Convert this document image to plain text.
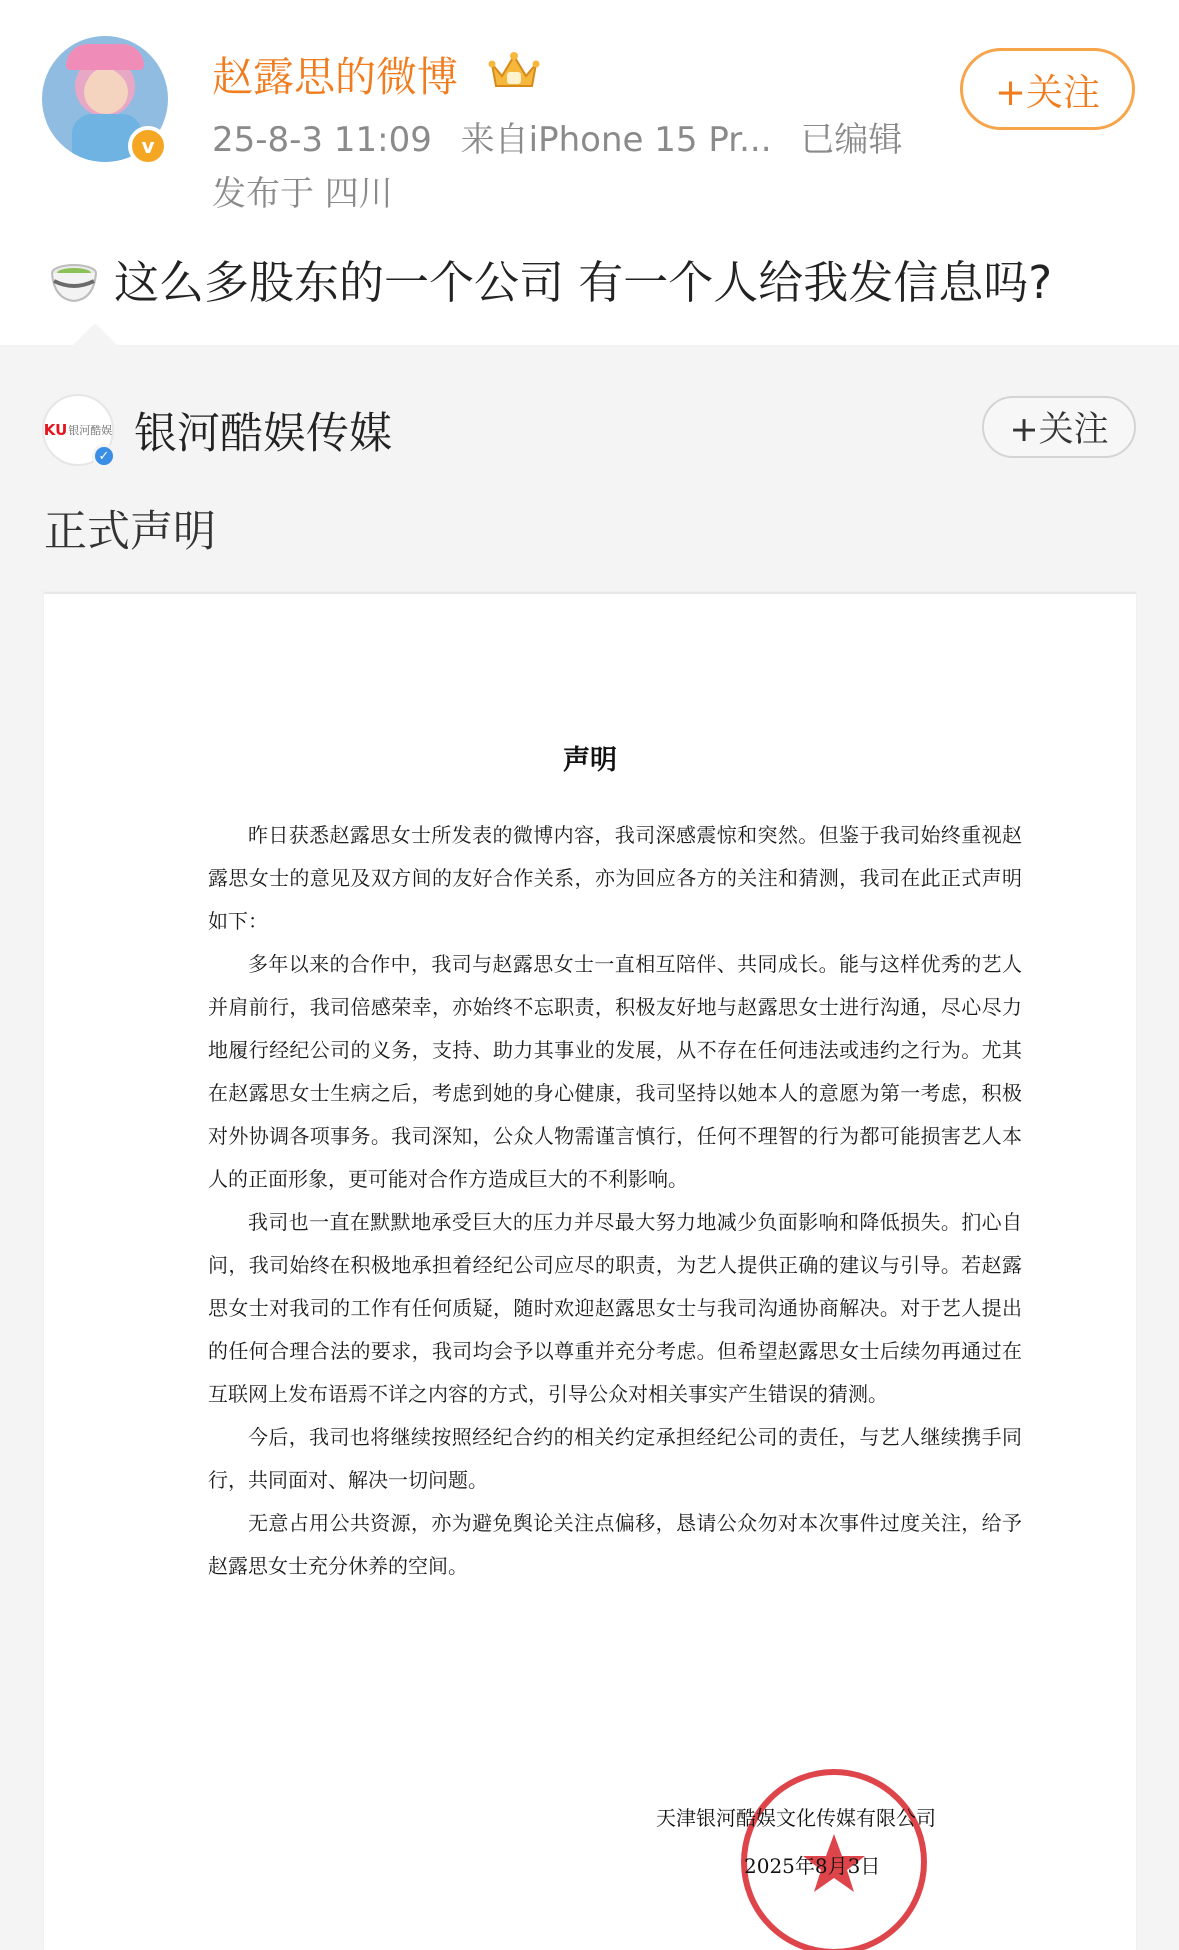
v
赵露思的微博
25-8-3 11:09 来自iPhone 15 Pr... 已编辑
发布于 四川
+关注
这么多股东的一个公司 有一个人给我发信息吗?
KU 银河酷娱
✓ 银河酷娱传媒	+关注
正式声明
声明

昨日获悉赵露思女士所发表的微博内容，我司深感震惊和突然。但鉴于我司始终重视赵露思女士的意见及双方间的友好合作关系，亦为回应各方的关注和猜测，我司在此正式声明如下：

多年以来的合作中，我司与赵露思女士一直相互陪伴、共同成长。能与这样优秀的艺人并肩前行，我司倍感荣幸，亦始终不忘职责，积极友好地与赵露思女士进行沟通，尽心尽力地履行经纪公司的义务，支持、助力其事业的发展，从不存在任何违法或违约之行为。尤其在赵露思女士生病之后，考虑到她的身心健康，我司坚持以她本人的意愿为第一考虑，积极对外协调各项事务。我司深知，公众人物需谨言慎行，任何不理智的行为都可能损害艺人本人的正面形象，更可能对合作方造成巨大的不利影响。

我司也一直在默默地承受巨大的压力并尽最大努力地减少负面影响和降低损失。扪心自问，我司始终在积极地承担着经纪公司应尽的职责，为艺人提供正确的建议与引导。若赵露思女士对我司的工作有任何质疑，随时欢迎赵露思女士与我司沟通协商解决。对于艺人提出的任何合理合法的要求，我司均会予以尊重并充分考虑。但希望赵露思女士后续勿再通过在互联网上发布语焉不详之内容的方式，引导公众对相关事实产生错误的猜测。

今后，我司也将继续按照经纪合约的相关约定承担经纪公司的责任，与艺人继续携手同行，共同面对、解决一切问题。

无意占用公共资源，亦为避免舆论关注点偏移，恳请公众勿对本次事件过度关注，给予赵露思女士充分休养的空间。

天津银河酷娱文化传媒有限公司
2025年8月3日
